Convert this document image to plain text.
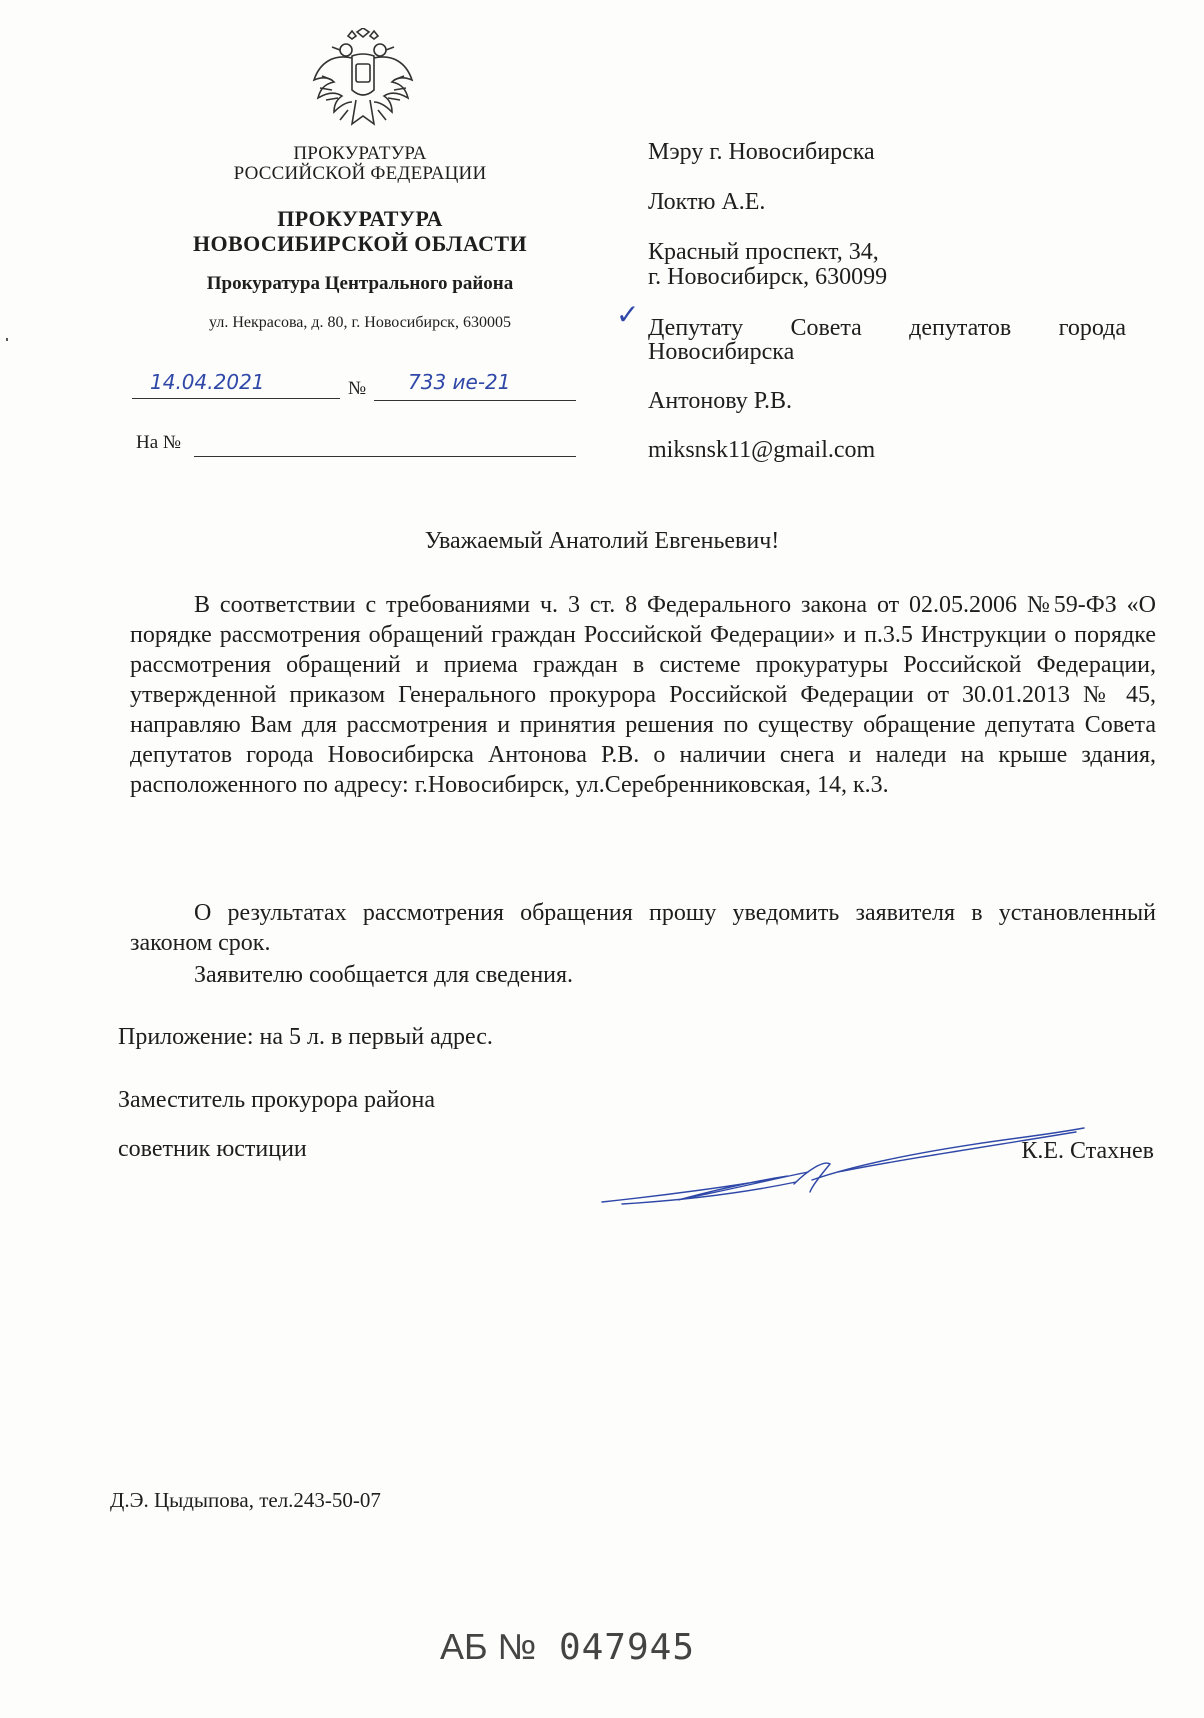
ПРОКУРАТУРА
РОССИЙСКОЙ ФЕДЕРАЦИИ
ПРОКУРАТУРА
НОВОСИБИРСКОЙ ОБЛАСТИ
Прокуратура Центрального района
ул. Некрасова, д. 80, г. Новосибирск, 630005
14.04.2021	№ 733 ие-21
На №
Мэру г. Новосибирска
Локтю А.Е.
Красный проспект, 34,
г. Новосибирск, 630099
✓ Депутату Совета депутатов города
Новосибирска
Антонову Р.В.
miksnsk11@gmail.com
Уважаемый Анатолий Евгеньевич!

В соответствии с требованиями ч. 3 ст. 8 Федерального закона от 02.05.2006 №59-ФЗ «О порядке рассмотрения обращений граждан Российской Федерации» и п.3.5 Инструкции о порядке рассмотрения обращений и приема граждан в системе прокуратуры Российской Федерации, утвержденной приказом Генерального прокурора Российской Федерации от 30.01.2013 № 45, направляю Вам для рассмотрения и принятия решения по существу обращение депутата Совета депутатов города Новосибирска Антонова Р.В. о наличии снега и наледи на крыше здания, расположенного по адресу: г.Новосибирск, ул.Серебренниковская, 14, к.3.

О результатах рассмотрения обращения прошу уведомить заявителя в установленный законом срок.

Заявителю сообщается для сведения.

Приложение: на 5 л. в первый адрес.
Заместитель прокурора района
советник юстиции	К.Е. Стахнев
Д.Э. Цыдыпова, тел.243-50-07
АБ № 047945
